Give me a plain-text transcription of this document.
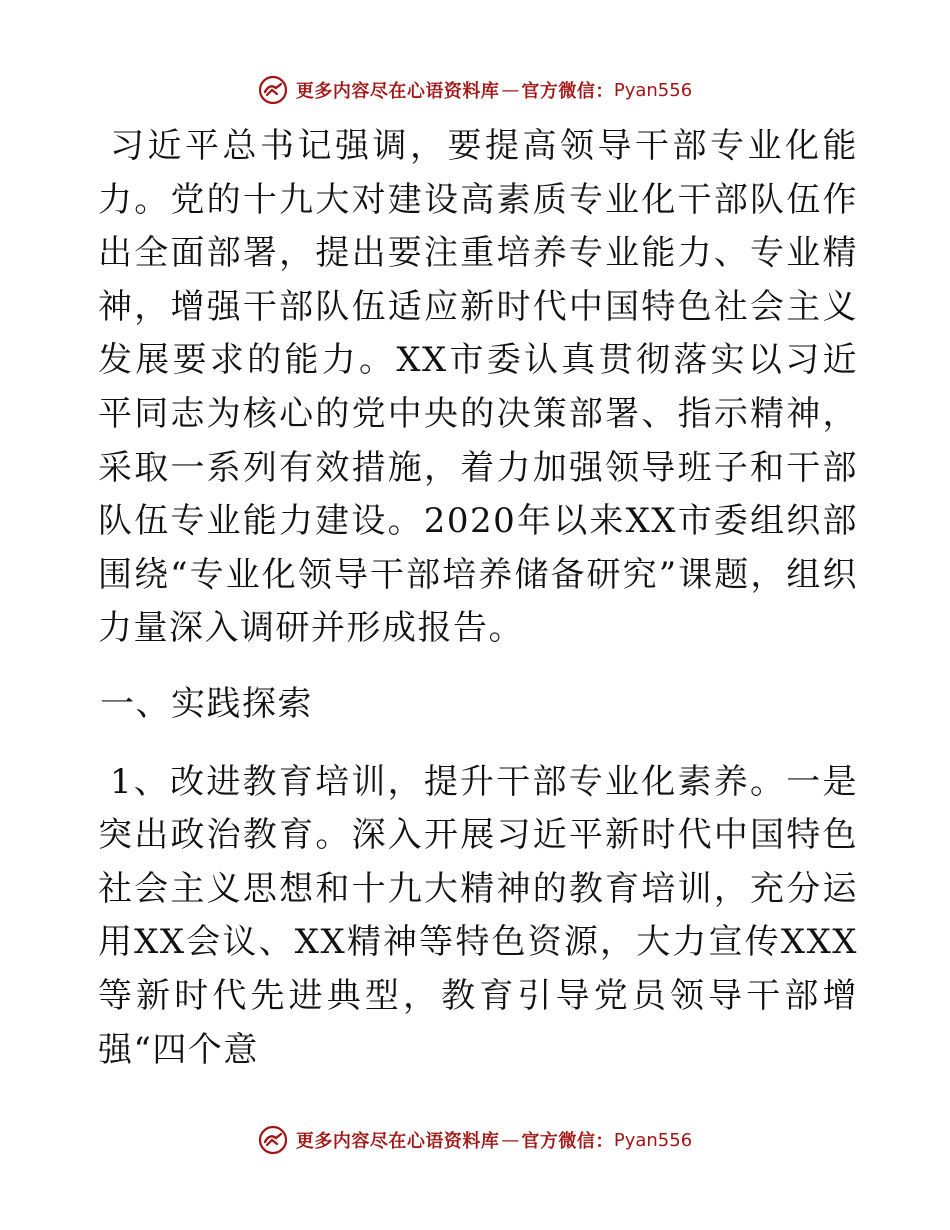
更多内容尽在心语资料库 — 官方微信： Pyan556

习近平总书记强调，要提高领导干部专业化能力。党的十九大对建设高素质专业化干部队伍作出全面部署，提出要注重培养专业能力、专业精神，增强干部队伍适应新时代中国特色社会主义发展要求的能力。XX市委认真贯彻落实以习近平同志为核心的党中央的决策部署、指示精神，采取一系列有效措施，着力加强领导班子和干部队伍专业能力建设。2020年以来XX市委组织部围绕“专业化领导干部培养储备研究”课题，组织力量深入调研并形成报告。

一、实践探索

1、改进教育培训，提升干部专业化素养。一是突出政治教育。深入开展习近平新时代中国特色社会主义思想和十九大精神的教育培训，充分运用XX会议、XX精神等特色资源，大力宣传XXX等新时代先进典型，教育引导党员领导干部增强“四个意

更多内容尽在心语资料库 — 官方微信： Pyan556
